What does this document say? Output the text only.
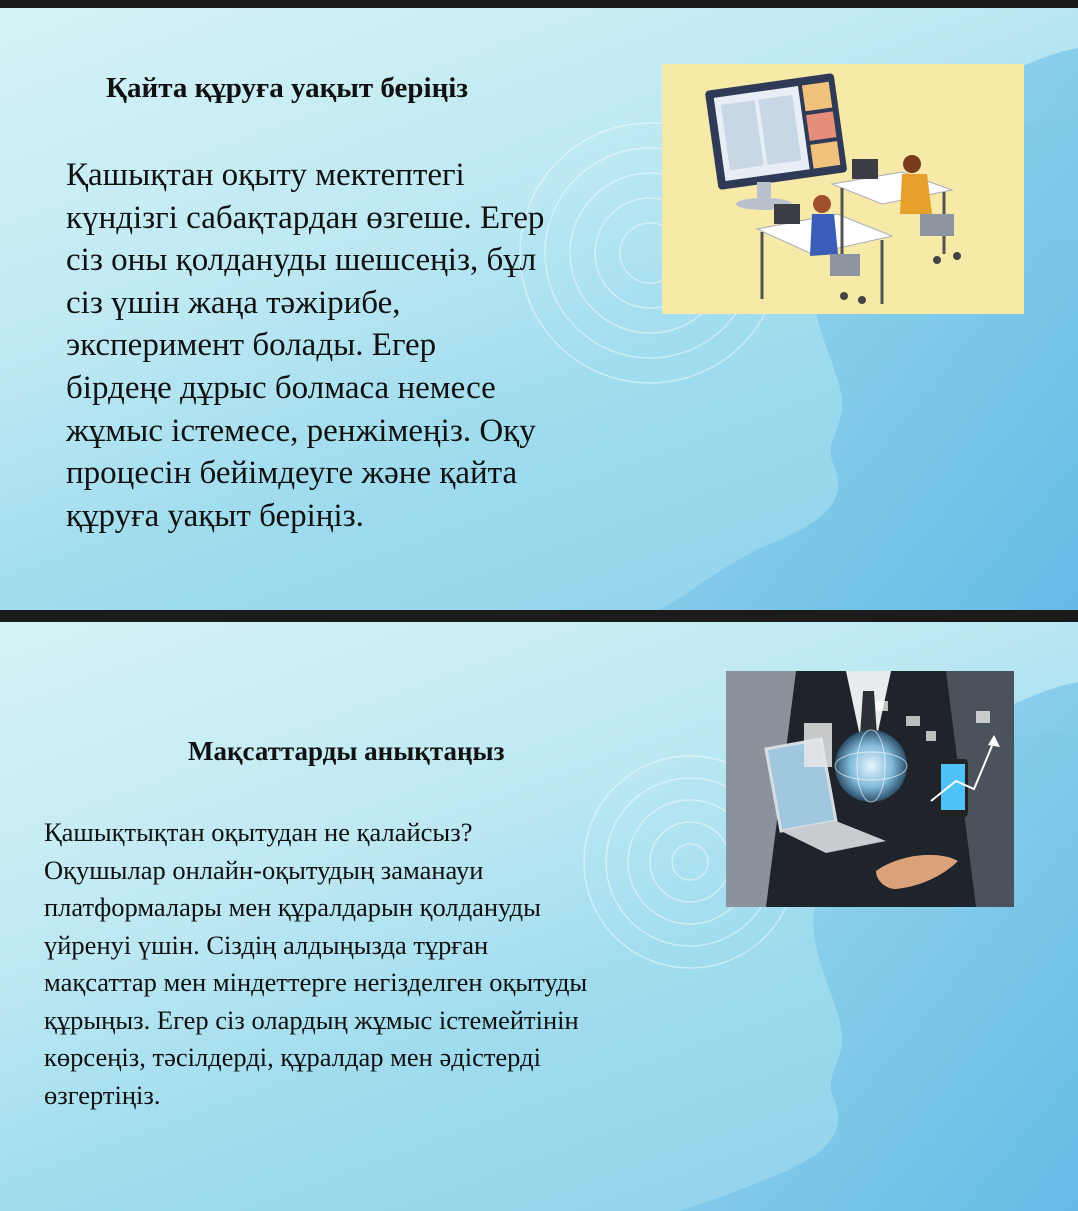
Қайта құруға уақыт беріңіз

Қашықтан оқыту мектептегі
күндізгі сабақтардан өзгеше. Егер
сіз оны қолдануды шешсеңіз, бұл
сіз үшін жаңа тәжірибе,
эксперимент болады. Егер
бірдеңе дұрыс болмаса немесе
жұмыс істемесе, ренжімеңіз. Оқу
процесін бейімдеуге және қайта
құруға уақыт беріңіз.

Мақсаттарды анықтаңыз

Қашықтықтан оқытудан не қалайсыз?
Оқушылар онлайн-оқытудың заманауи
платформалары мен құралдарын қолдануды
үйренуі үшін. Сіздің алдыңызда тұрған
мақсаттар мен міндеттерге негізделген оқытуды
құрыңыз. Егер сіз олардың жұмыс істемейтінін
көрсеңіз, тәсілдерді, құралдар мен әдістерді
өзгертіңіз.
